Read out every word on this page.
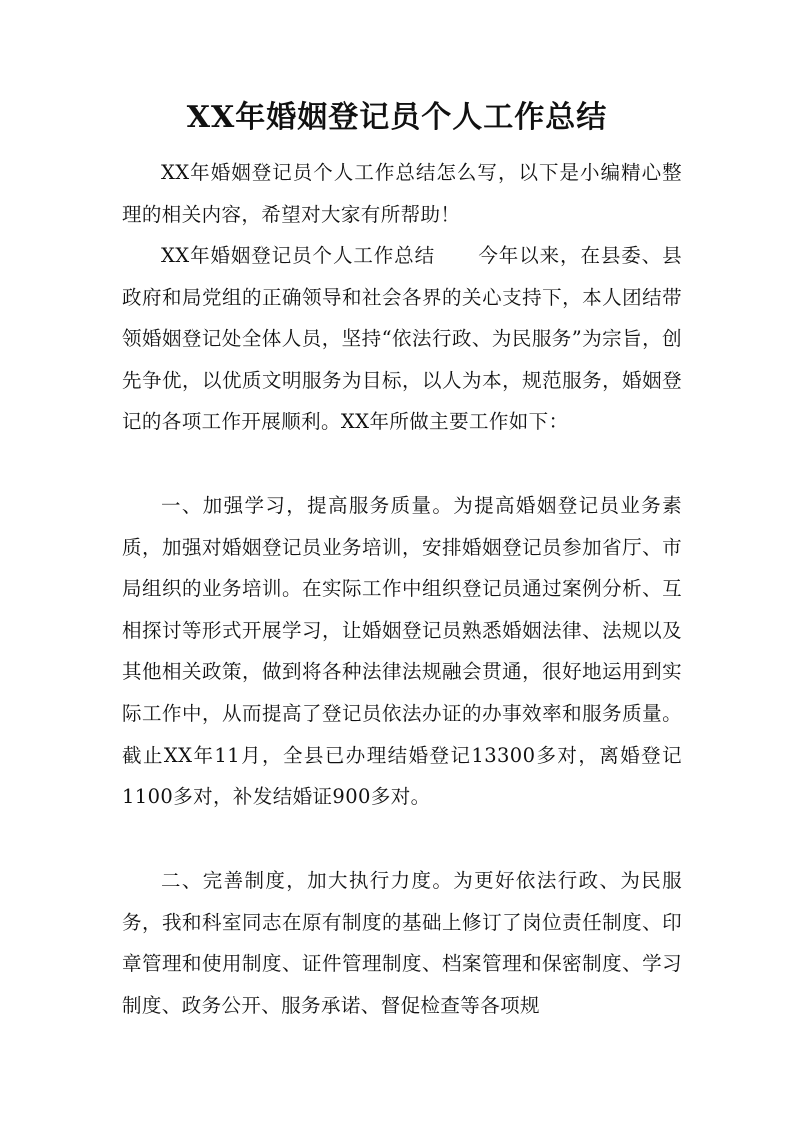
XX年婚姻登记员个人工作总结

XX年婚姻登记员个人工作总结怎么写，以下是小编精心整理的相关内容，希望对大家有所帮助！

XX年婚姻登记员个人工作总结 今年以来，在县委、县政府和局党组的正确领导和社会各界的关心支持下，本人团结带领婚姻登记处全体人员，坚持“依法行政、为民服务”为宗旨，创先争优，以优质文明服务为目标，以人为本，规范服务，婚姻登记的各项工作开展顺利。XX年所做主要工作如下：

一、加强学习，提高服务质量。为提高婚姻登记员业务素质，加强对婚姻登记员业务培训，安排婚姻登记员参加省厅、市局组织的业务培训。在实际工作中组织登记员通过案例分析、互相探讨等形式开展学习，让婚姻登记员熟悉婚姻法律、法规以及其他相关政策，做到将各种法律法规融会贯通，很好地运用到实际工作中，从而提高了登记员依法办证的办事效率和服务质量。截止XX年11月，全县已办理结婚登记13300多对，离婚登记1100多对，补发结婚证900多对。

二、完善制度，加大执行力度。为更好依法行政、为民服务，我和科室同志在原有制度的基础上修订了岗位责任制度、印章管理和使用制度、证件管理制度、档案管理和保密制度、学习制度、政务公开、服务承诺、督促检查等各项规
